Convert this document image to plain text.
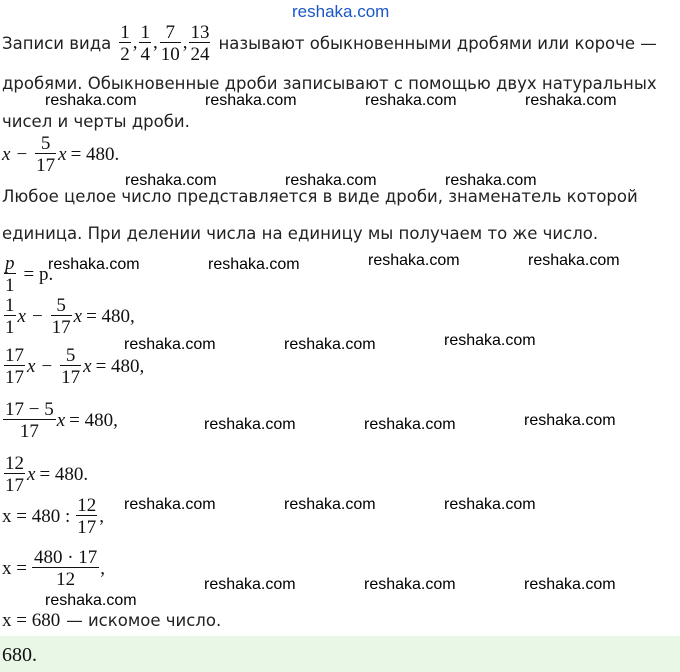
reshaka.com
Записи вида $\frac{1}{2}$ , $\frac{1}{4}$ , $\frac{7}{10}$ , $\frac{13}{24}$ называют обыкновенными дробями или короче —
дробями. Обыкновенные дроби записывают с помощью двух натуральных
чисел и черты дроби.
$x - \frac{5}{17}$ x = 480.
Любое целое число представляется в виде дроби, знаменатель которой
единица. При делении числа на единицу мы получаем то же число.
$\frac{p}{1} = p$.
$\frac{1}{1}$ $x - \frac{5}{17}$ x = 480,
$\frac{17}{17}$ $x - \frac{5}{17}$ x = 480,
$\frac{17 - 5}{17}$ x = 480,
$\frac{12}{17}$ x = 480.
x = 480 : $\frac{12}{17}$ ,
$x = \frac{480 \cdot 17}{12}$ ,
x = 680 — искомое число.
reshaka.com	reshaka.com	reshaka.com	reshaka.com
reshaka.com	reshaka.com	reshaka.com
reshaka.com	reshaka.com	reshaka.com	reshaka.com
reshaka.com	reshaka.com	reshaka.com
reshaka.com	reshaka.com	reshaka.com
reshaka.com	reshaka.com	reshaka.com
reshaka.com	reshaka.com	reshaka.com
reshaka.com
680.
